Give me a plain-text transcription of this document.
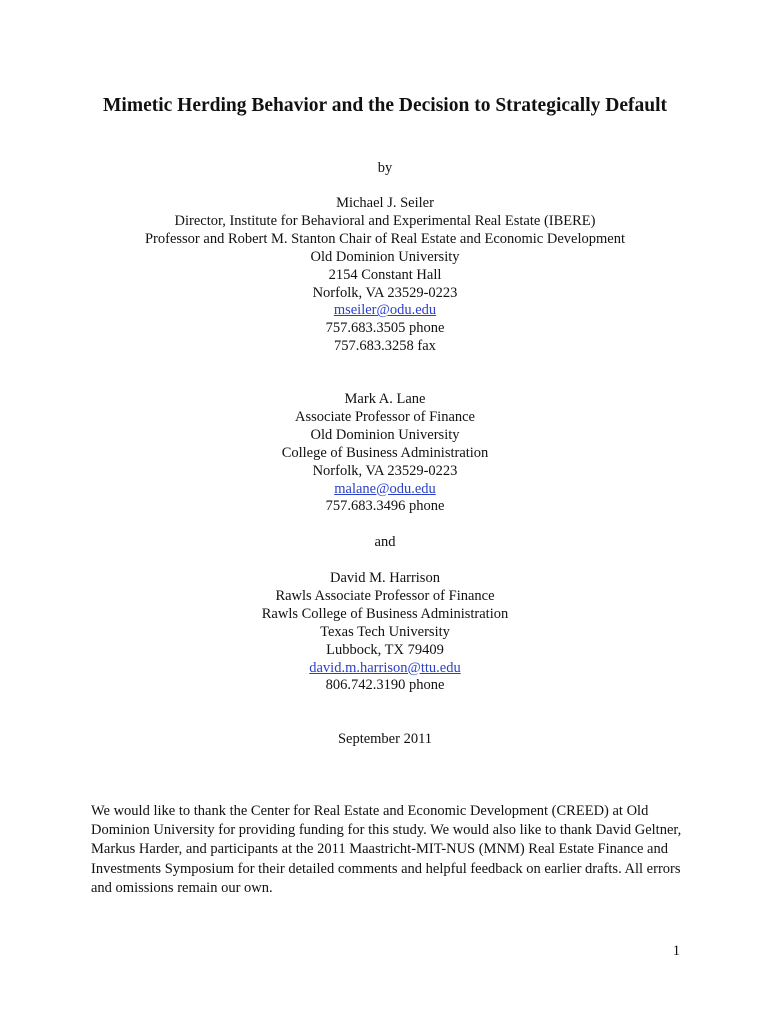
Mimetic Herding Behavior and the Decision to Strategically Default
by
Michael J. Seiler
Director, Institute for Behavioral and Experimental Real Estate (IBERE)
Professor and Robert M. Stanton Chair of Real Estate and Economic Development
Old Dominion University
2154 Constant Hall
Norfolk, VA 23529-0223
mseiler@odu.edu
757.683.3505 phone
757.683.3258 fax
Mark A. Lane
Associate Professor of Finance
Old Dominion University
College of Business Administration
Norfolk, VA 23529-0223
malane@odu.edu
757.683.3496 phone
and
David M. Harrison
Rawls Associate Professor of Finance
Rawls College of Business Administration
Texas Tech University
Lubbock, TX 79409
david.m.harrison@ttu.edu
806.742.3190 phone
September 2011
We would like to thank the Center for Real Estate and Economic Development (CREED) at Old Dominion University for providing funding for this study. We would also like to thank David Geltner, Markus Harder, and participants at the 2011 Maastricht-MIT-NUS (MNM) Real Estate Finance and Investments Symposium for their detailed comments and helpful feedback on earlier drafts. All errors and omissions remain our own.
1
